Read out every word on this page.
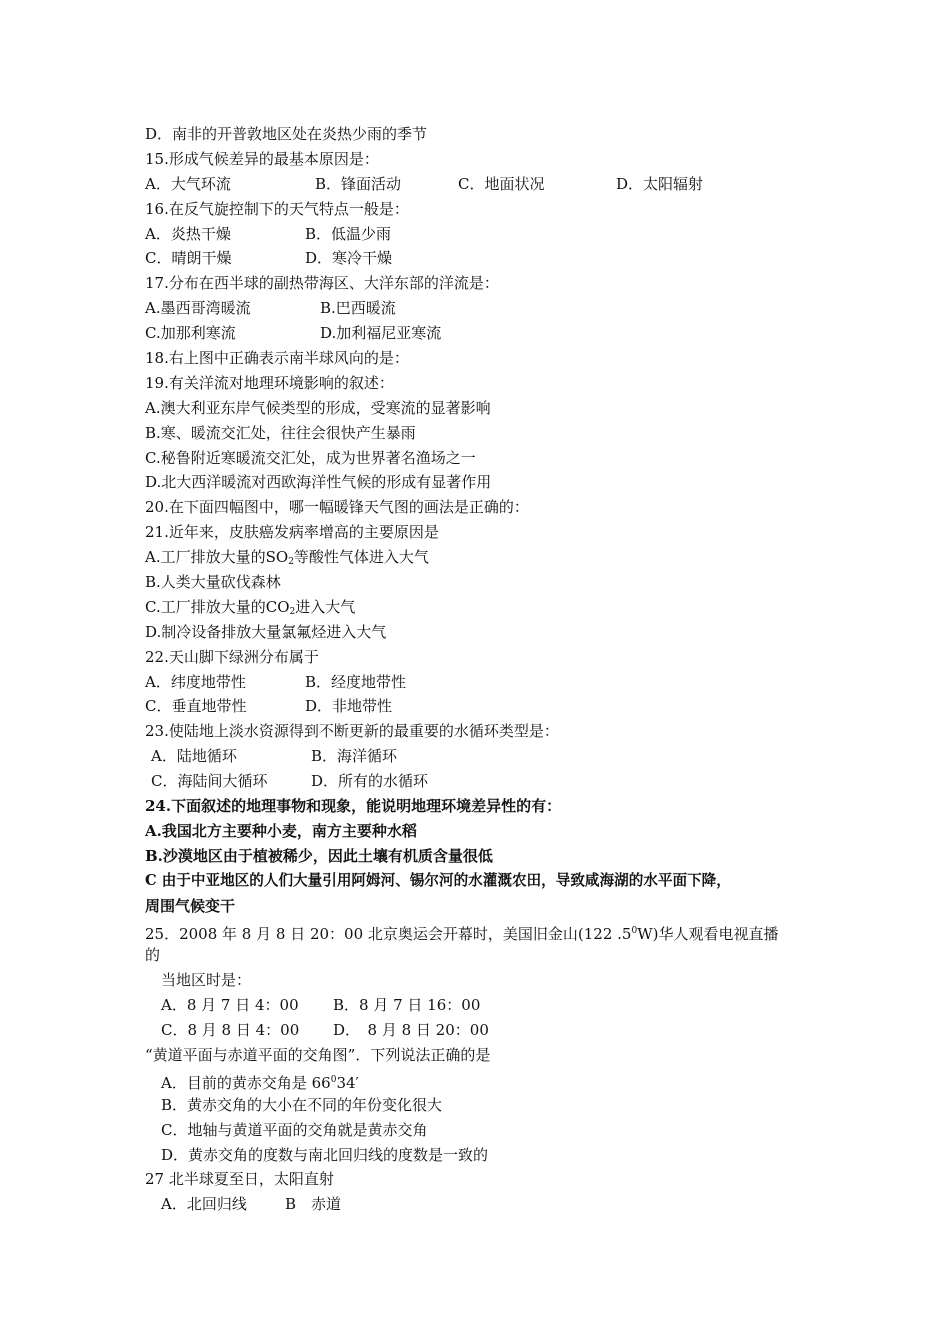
D．南非的开普敦地区处在炎热少雨的季节
15.形成气候差异的最基本原因是：
A．大气环流	B．锋面活动	C．地面状况	D．太阳辐射
16.在反气旋控制下的天气特点一般是：
A．炎热干燥	B．低温少雨
C．晴朗干燥	D．寒冷干燥
17.分布在西半球的副热带海区、大洋东部的洋流是：
A.墨西哥湾暖流	B.巴西暖流
C.加那利寒流	D.加利福尼亚寒流
18.右上图中正确表示南半球风向的是：
19.有关洋流对地理环境影响的叙述：
A.澳大利亚东岸气候类型的形成，受寒流的显著影响
B.寒、暖流交汇处，往往会很快产生暴雨
C.秘鲁附近寒暖流交汇处，成为世界著名渔场之一
D.北大西洋暖流对西欧海洋性气候的形成有显著作用
20.在下面四幅图中，哪一幅暖锋天气图的画法是正确的：
21.近年来，皮肤癌发病率增高的主要原因是
A.工厂排放大量的$SO_2$等酸性气体进入大气
B.人类大量砍伐森林
C.工厂排放大量的$CO_2$进入大气
D.制冷设备排放大量氯氟烃进入大气
22.天山脚下绿洲分布属于
A．纬度地带性	B．经度地带性
C．垂直地带性	D．非地带性
23.使陆地上淡水资源得到不断更新的最重要的水循环类型是：
A．陆地循环	B．海洋循环
C．海陆间大循环	D．所有的水循环
24.下面叙述的地理事物和现象，能说明地理环境差异性的有：
A.我国北方主要种小麦，南方主要种水稻
B.沙漠地区由于植被稀少，因此土壤有机质含量很低
C 由于中亚地区的人们大量引用阿姆河、锡尔河的水灌溉农田，导致咸海湖的水平面下降，
周围气候变干
25．2008 年 8 月 8 日 20：00 北京奥运会开幕时，美国旧金山(122 $.5^0W$)华人观看电视直播
的
当地区时是：
A．8 月 7 日 4：00	B．8 月 7 日 16：00
C．8 月 8 日 4：00	D．　8 月 8 日 20：00
“黄道平面与赤道平面的交角图”．下列说法正确的是
A．目前的黄赤交角是 $66^034'$
B．黄赤交角的大小在不同的年份变化很大
C．地轴与黄道平面的交角就是黄赤交角
D．黄赤交角的度数与南北回归线的度数是一致的
27 北半球夏至日，太阳直射
A．北回归线	B　赤道
